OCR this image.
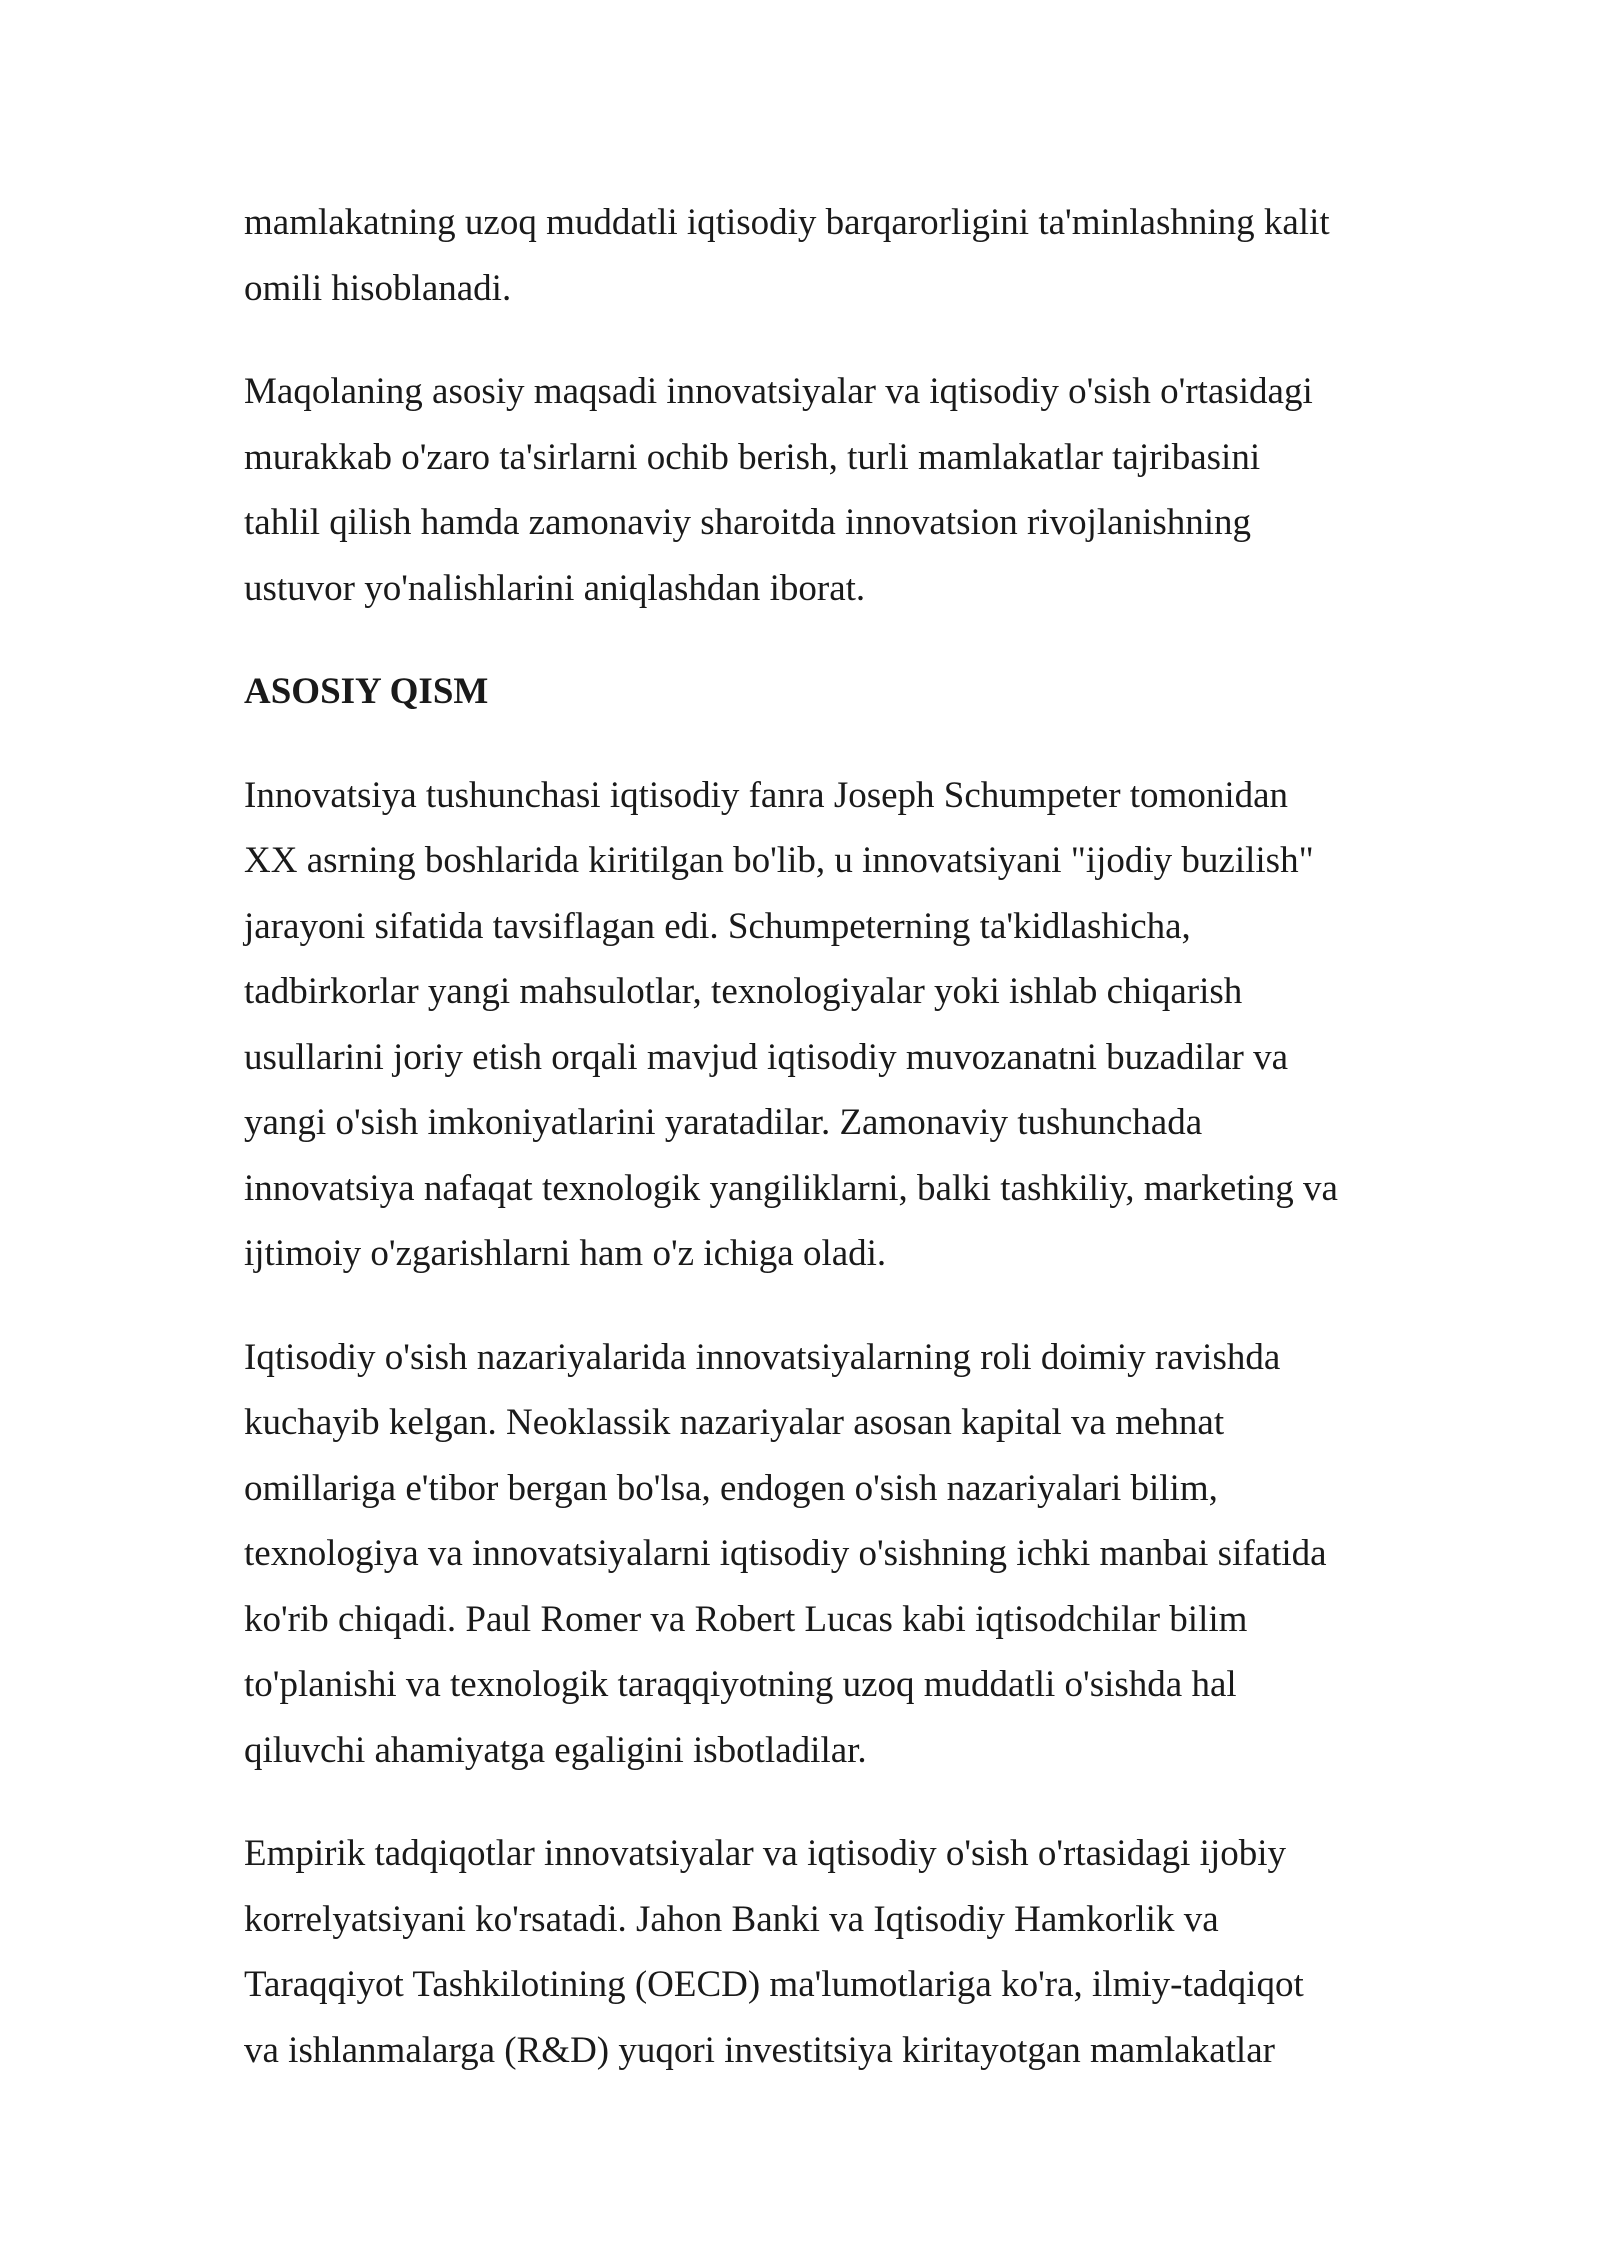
mamlakatning uzoq muddatli iqtisodiy barqarorligini ta'minlashning kalit
omili hisoblanadi.
Maqolaning asosiy maqsadi innovatsiyalar va iqtisodiy o'sish o'rtasidagi
murakkab o'zaro ta'sirlarni ochib berish, turli mamlakatlar tajribasini
tahlil qilish hamda zamonaviy sharoitda innovatsion rivojlanishning
ustuvor yo'nalishlarini aniqlashdan iborat.
ASOSIY QISM
Innovatsiya tushunchasi iqtisodiy fanra Joseph Schumpeter tomonidan
XX asrning boshlarida kiritilgan bo'lib, u innovatsiyani "ijodiy buzilish"
jarayoni sifatida tavsiflagan edi. Schumpeterning ta'kidlashicha,
tadbirkorlar yangi mahsulotlar, texnologiyalar yoki ishlab chiqarish
usullarini joriy etish orqali mavjud iqtisodiy muvozanatni buzadilar va
yangi o'sish imkoniyatlarini yaratadilar. Zamonaviy tushunchada
innovatsiya nafaqat texnologik yangiliklarni, balki tashkiliy, marketing va
ijtimoiy o'zgarishlarni ham o'z ichiga oladi.
Iqtisodiy o'sish nazariyalarida innovatsiyalarning roli doimiy ravishda
kuchayib kelgan. Neoklassik nazariyalar asosan kapital va mehnat
omillariga e'tibor bergan bo'lsa, endogen o'sish nazariyalari bilim,
texnologiya va innovatsiyalarni iqtisodiy o'sishning ichki manbai sifatida
ko'rib chiqadi. Paul Romer va Robert Lucas kabi iqtisodchilar bilim
to'planishi va texnologik taraqqiyotning uzoq muddatli o'sishda hal
qiluvchi ahamiyatga egaligini isbotladilar.
Empirik tadqiqotlar innovatsiyalar va iqtisodiy o'sish o'rtasidagi ijobiy
korrelyatsiyani ko'rsatadi. Jahon Banki va Iqtisodiy Hamkorlik va
Taraqqiyot Tashkilotining (OECD) ma'lumotlariga ko'ra, ilmiy-tadqiqot
va ishlanmalarga (R&D) yuqori investitsiya kiritayotgan mamlakatlar
